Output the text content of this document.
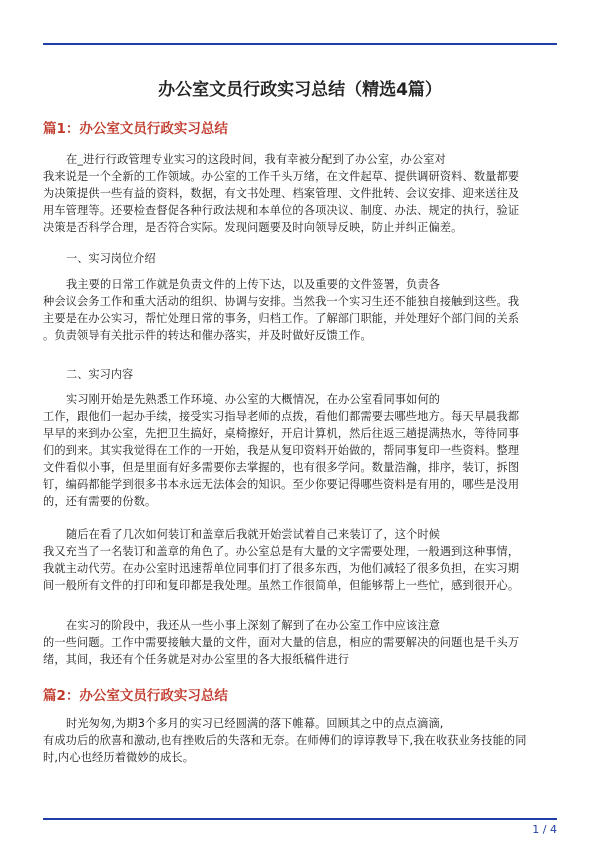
办公室文员行政实习总结（精选4篇）
篇1：办公室文员行政实习总结
在_进行行政管理专业实习的这段时间，我有幸被分配到了办公室，办公室对
我来说是一个全新的工作领域。办公室的工作千头万绪，在文件起草、提供调研资料、数量都要
为决策提供一些有益的资料，数据，有文书处理、档案管理、文件批转、会议安排、迎来送往及
用车管理等。还要检查督促各种行政法规和本单位的各项决议、制度、办法、规定的执行，验证
决策是否科学合理，是否符合实际。发现问题要及时向领导反映，防止并纠正偏差。

一、实习岗位介绍

我主要的日常工作就是负责文件的上传下达，以及重要的文件签署，负责各
种会议会务工作和重大活动的组织、协调与安排。当然我一个实习生还不能独自接触到这些。我
主要是在办公实习，帮忙处理日常的事务，归档工作。了解部门职能，并处理好个部门间的关系
。负责领导有关批示件的转达和催办落实，并及时做好反馈工作。

二、实习内容

实习刚开始是先熟悉工作环境、办公室的大概情况，在办公室看同事如何的
工作，跟他们一起办手续，接受实习指导老师的点拨，看他们都需要去哪些地方。每天早晨我都
早早的来到办公室，先把卫生搞好，桌椅擦好，开启计算机，然后往返三趟提满热水，等待同事
们的到来。其实我觉得在工作的一开始，我是从复印资料开始做的，帮同事复印一些资料。整理
文件看似小事，但是里面有好多需要你去掌握的，也有很多学问。数量浩瀚，排序，装订，拆图
钉，编码都能学到很多书本永远无法体会的知识。至少你要记得哪些资料是有用的，哪些是没用
的，还有需要的份数。
随后在看了几次如何装订和盖章后我就开始尝试着自己来装订了，这个时候
我又充当了一名装订和盖章的角色了。办公室总是有大量的文字需要处理，一般遇到这种事情，
我就主动代劳。在办公室时迅速帮单位同事们打了很多东西，为他们减轻了很多负担，在实习期
间一般所有文件的打印和复印都是我处理。虽然工作很简单，但能够帮上一些忙，感到很开心。
在实习的阶段中，我还从一些小事上深刻了解到了在办公室工作中应该注意
的一些问题。工作中需要接触大量的文件，面对大量的信息，相应的需要解决的问题也是千头万
绪，其间，我还有个任务就是对办公室里的各大报纸稿件进行
篇2：办公室文员行政实习总结
时光匆匆,为期3个多月的实习已经圆满的落下帷幕。回顾其之中的点点滴滴,
有成功后的欣喜和激动,也有挫败后的失落和无奈。在师傅们的谆谆教导下,我在收获业务技能的同
时,内心也经历着微妙的成长。
1 / 4
